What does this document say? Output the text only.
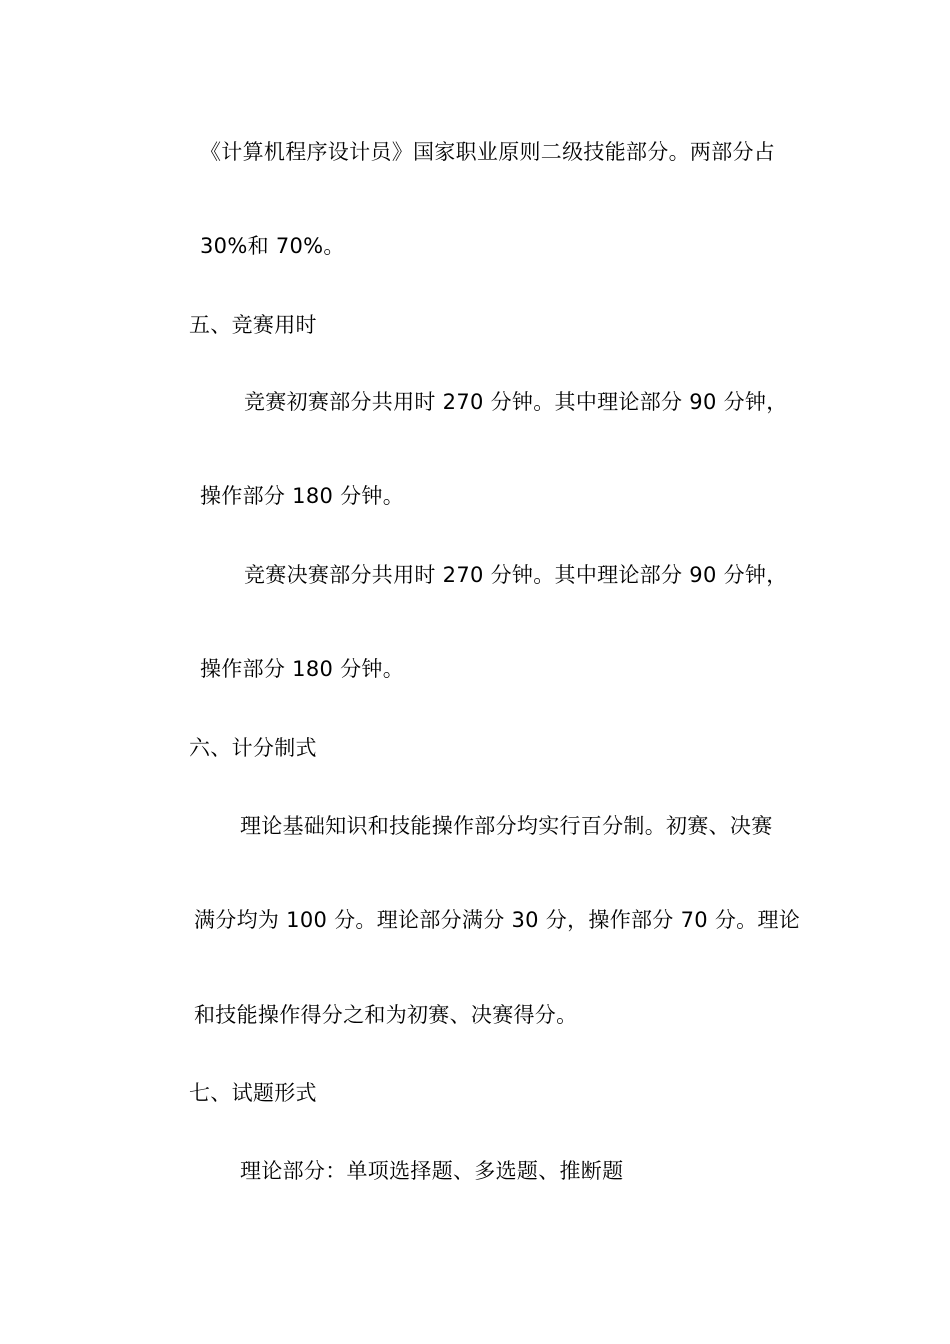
《计算机程序设计员》国家职业原则二级技能部分。两部分占
30%和 70%。
五、竞赛用时
竞赛初赛部分共用时 270 分钟。其中理论部分 90 分钟，
操作部分 180 分钟。
竞赛决赛部分共用时 270 分钟。其中理论部分 90 分钟，
操作部分 180 分钟。
六、计分制式
理论基础知识和技能操作部分均实行百分制。初赛、决赛
满分均为 100 分。理论部分满分 30 分，操作部分 70 分。理论
和技能操作得分之和为初赛、决赛得分。
七、试题形式
理论部分：单项选择题、多选题、推断题
